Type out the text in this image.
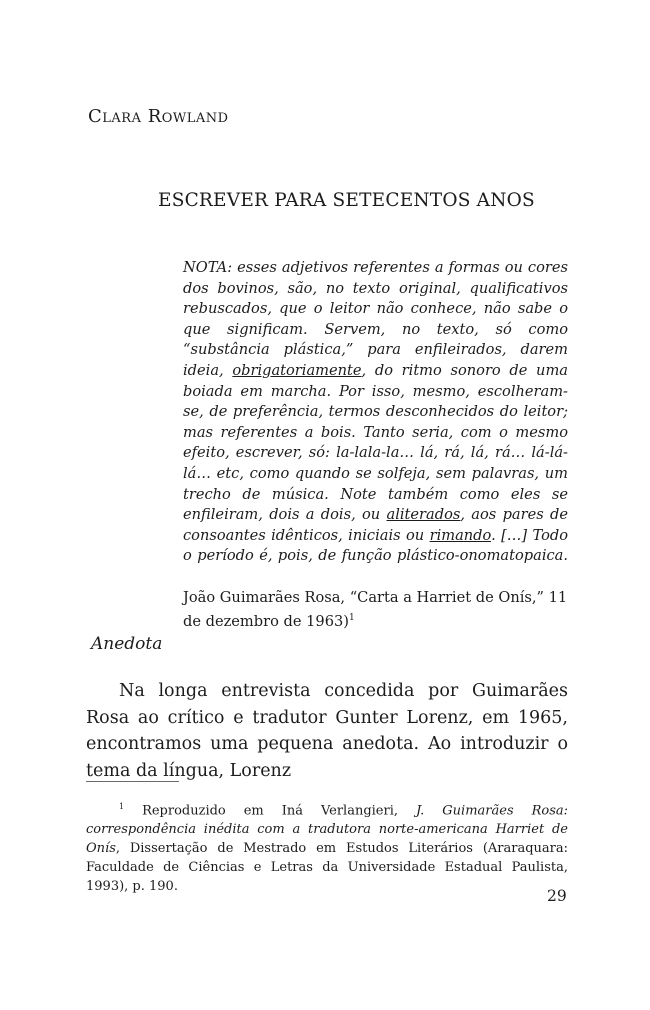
Clara Rowland
ESCREVER PARA SETECENTOS ANOS

NOTA: esses adjetivos referentes a formas ou cores dos bovinos, são, no texto original, qualificativos rebuscados, que o leitor não conhece, não sabe o que significam. Servem, no texto, só como “substância plástica,” para enfileirados, darem ideia, obrigatoriamente, do ritmo sonoro de uma boiada em marcha. Por isso, mesmo, escolheram-se, de preferência, termos desconhecidos do leitor; mas referentes a bois. Tanto seria, com o mesmo efeito, escrever, só: la-lala-la… lá, rá, lá, rá… lá-lá-lá… etc, como quando se solfeja, sem palavras, um trecho de música. Note também como eles se enfileiram, dois a dois, ou aliterados, aos pares de consoantes idênticos, iniciais ou rimando. […] Todo o período é, pois, de função plástico-onomatopaica.

João Guimarães Rosa, “Carta a Harriet de Onís,” 11 de dezembro de 1963)$^1$

Anedota

Na longa entrevista concedida por Guimarães Rosa ao crítico e tradutor Gunter Lorenz, em 1965, encontramos uma pequena anedota. Ao introduzir o tema da língua, Lorenz

$^1$ Reproduzido em Iná Verlangieri, J. Guimarães Rosa: correspondência inédita com a tradutora norte-americana Harriet de Onís, Dissertação de Mestrado em Estudos Literários (Araraquara: Faculdade de Ciências e Letras da Universidade Estadual Paulista, 1993), p. 190.

29
